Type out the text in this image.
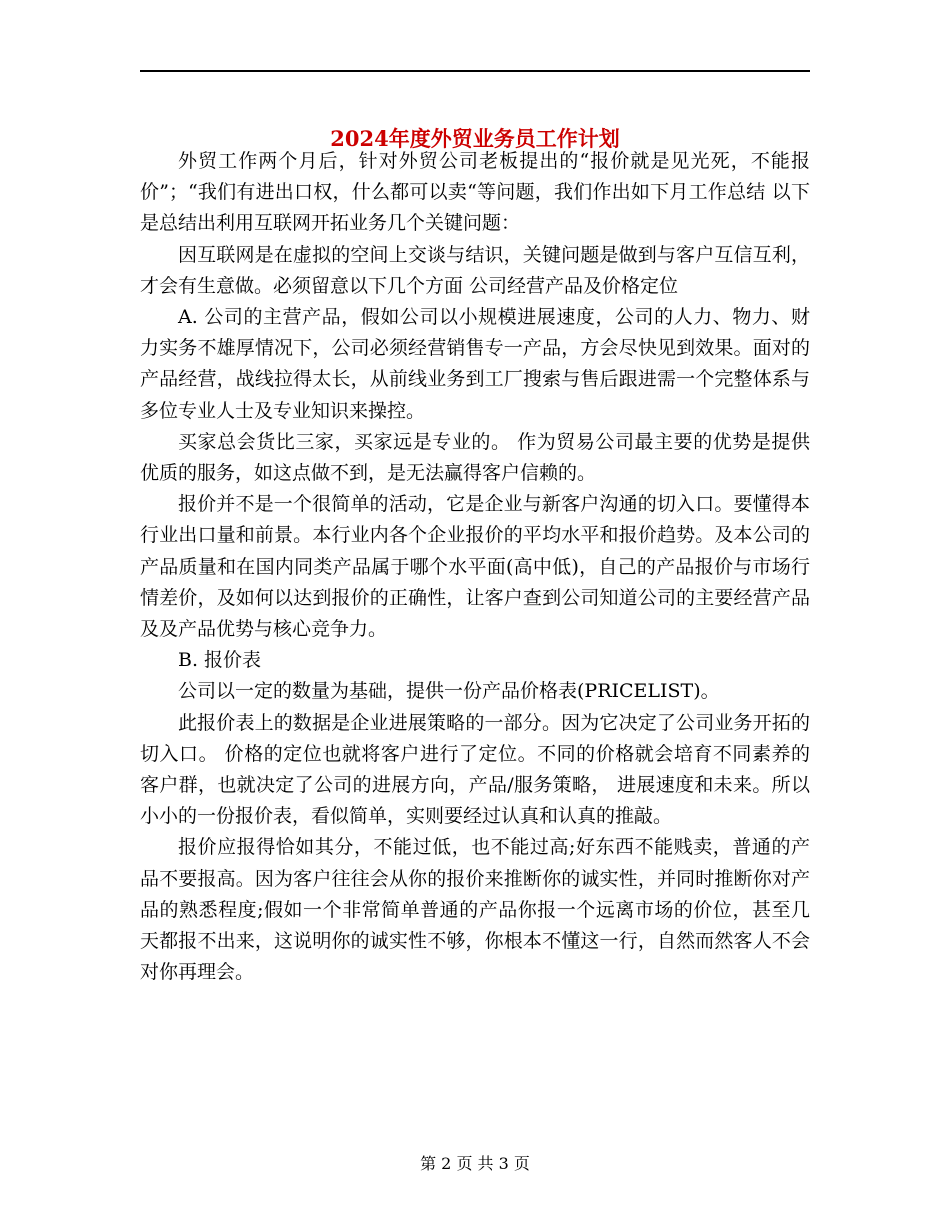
2024年度外贸业务员工作计划

外贸工作两个月后，针对外贸公司老板提出的“报价就是见光死，不能报价”；“我们有进出口权，什么都可以卖“等问题，我们作出如下月工作总结 以下是总结出利用互联网开拓业务几个关键问题：

因互联网是在虚拟的空间上交谈与结识，关键问题是做到与客户互信互利，才会有生意做。必须留意以下几个方面 公司经营产品及价格定位

A. 公司的主营产品，假如公司以小规模进展速度，公司的人力、物力、财力实务不雄厚情况下，公司必须经营销售专一产品，方会尽快见到效果。面对的产品经营，战线拉得太长，从前线业务到工厂搜索与售后跟进需一个完整体系与多位专业人士及专业知识来操控。

买家总会货比三家，买家远是专业的。 作为贸易公司最主要的优势是提供优质的服务，如这点做不到，是无法赢得客户信赖的。

报价并不是一个很简单的活动，它是企业与新客户沟通的切入口。要懂得本行业出口量和前景。本行业内各个企业报价的平均水平和报价趋势。及本公司的产品质量和在国内同类产品属于哪个水平面(高中低)，自己的产品报价与市场行情差价，及如何以达到报价的正确性，让客户查到公司知道公司的主要经营产品及及产品优势与核心竞争力。

B. 报价表

公司以一定的数量为基础，提供一份产品价格表(PRICELIST)。

此报价表上的数据是企业进展策略的一部分。因为它决定了公司业务开拓的切入口。 价格的定位也就将客户进行了定位。不同的价格就会培育不同素养的客户群，也就决定了公司的进展方向，产品/服务策略， 进展速度和未来。所以小小的一份报价表，看似简单，实则要经过认真和认真的推敲。

报价应报得恰如其分，不能过低，也不能过高;好东西不能贱卖，普通的产品不要报高。因为客户往往会从你的报价来推断你的诚实性，并同时推断你对产品的熟悉程度;假如一个非常简单普通的产品你报一个远离市场的价位，甚至几天都报不出来，这说明你的诚实性不够，你根本不懂这一行，自然而然客人不会对你再理会。

第 2 页 共 3 页
